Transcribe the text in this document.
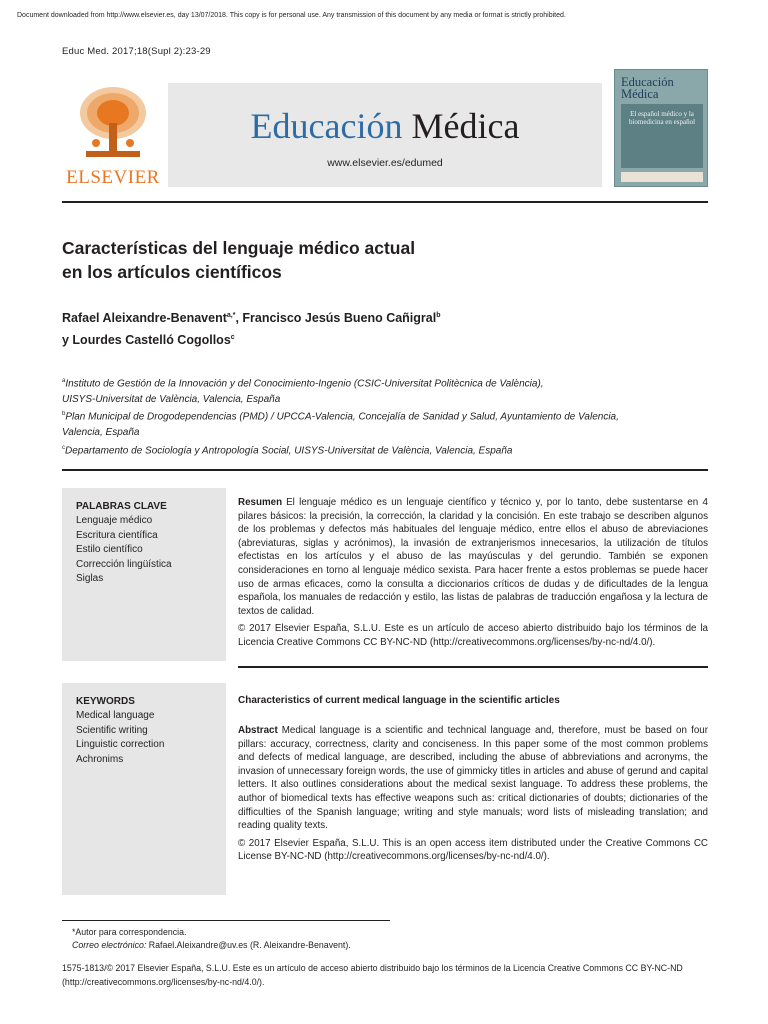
Document downloaded from http://www.elsevier.es, day 13/07/2018. This copy is for personal use. Any transmission of this document by any media or format is strictly prohibited.
Educ Med. 2017;18(Supl 2):23-29
ELSEVIER
Educación Médica
www.elsevier.es/edumed
Educación
Médica
El español médico y la biomedicina en español
Características del lenguaje médico actual
en los artículos científicos
Rafael Aleixandre-Benavent$^{a,*}$, Francisco Jesús Bueno Cañigral$^b$
y Lourdes Castelló Cogollos$^c$
$^a$Instituto de Gestión de la Innovación y del Conocimiento-Ingenio (CSIC-Universitat Politècnica de València),
UISYS-Universitat de València, Valencia, España
$^b$Plan Municipal de Drogodependencias (PMD) / UPCCA-Valencia, Concejalía de Sanidad y Salud, Ayuntamiento de Valencia,
Valencia, España
$^c$Departamento de Sociología y Antropología Social, UISYS-Universitat de València, Valencia, España
PALABRAS CLAVE
Lenguaje médico
Escritura científica
Estilo científico
Corrección lingüística
Siglas

Resumen El lenguaje médico es un lenguaje científico y técnico y, por lo tanto, debe sustentarse en 4 pilares básicos: la precisión, la corrección, la claridad y la concisión. En este trabajo se describen algunos de los problemas y defectos más habituales del lenguaje médico, entre ellos el abuso de abreviaciones (abreviaturas, siglas y acrónimos), la invasión de extranjerismos innecesarios, la utilización de títulos efectistas en los artículos y el abuso de las mayúsculas y del gerundio. También se exponen consideraciones en torno al lenguaje médico sexista. Para hacer frente a estos problemas se puede hacer uso de armas eficaces, como la consulta a diccionarios críticos de dudas y de dificultades de la lengua española, los manuales de redacción y estilo, las listas de palabras de traducción engañosa y la lectura de textos de calidad.

© 2017 Elsevier España, S.L.U. Este es un artículo de acceso abierto distribuido bajo los términos de la Licencia Creative Commons CC BY-NC-ND (http://creativecommons.org/licenses/by-nc-nd/4.0/).

KEYWORDS
Medical language
Scientific writing
Linguistic correction
Achronims
Characteristics of current medical language in the scientific articles

Abstract Medical language is a scientific and technical language and, therefore, must be based on four pillars: accuracy, correctness, clarity and conciseness. In this paper some of the most common problems and defects of medical language, are described, including the abuse of abbreviations and acronyms, the invasion of unnecessary foreign words, the use of gimmicky titles in articles and abuse of gerund and capital letters. It also outlines considerations about the medical sexist language. To address these problems, the author of biomedical texts has effective weapons such as: critical dictionaries of doubts; dictionaries of the difficulties of the Spanish language; writing and style manuals; word lists of misleading translation; and reading quality texts.

© 2017 Elsevier España, S.L.U. This is an open access item distributed under the Creative Commons CC License BY-NC-ND (http://creativecommons.org/licenses/by-nc-nd/4.0/).

*Autor para correspondencia.
Correo electrónico: Rafael.Aleixandre@uv.es (R. Aleixandre-Benavent).
1575-1813/© 2017 Elsevier España, S.L.U. Este es un artículo de acceso abierto distribuido bajo los términos de la Licencia Creative Commons CC BY-NC-ND (http://creativecommons.org/licenses/by-nc-nd/4.0/).
